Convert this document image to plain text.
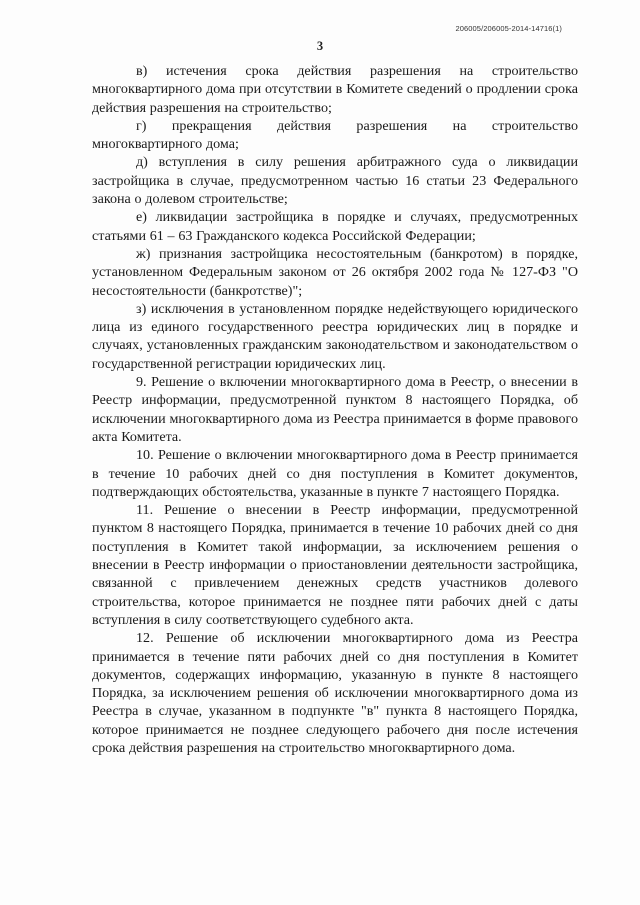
206005/206005-2014-14716(1)
3

в) истечения срока действия разрешения на строительство многоквартирного дома при отсутствии в Комитете сведений о продлении срока действия разрешения на строительство;

г) прекращения действия разрешения на строительство многоквартирного дома;

д) вступления в силу решения арбитражного суда о ликвидации застройщика в случае, предусмотренном частью 16 статьи 23 Федерального закона о долевом строительстве;

е) ликвидации застройщика в порядке и случаях, предусмотренных статьями 61 – 63 Гражданского кодекса Российской Федерации;

ж) признания застройщика несостоятельным (банкротом) в порядке, установленном Федеральным законом от 26 октября 2002 года № 127-ФЗ "О несостоятельности (банкротстве)";

з) исключения в установленном порядке недействующего юридического лица из единого государственного реестра юридических лиц в порядке и случаях, установленных гражданским законодательством и законодательством о государственной регистрации юридических лиц.

9. Решение о включении многоквартирного дома в Реестр, о внесении в Реестр информации, предусмотренной пунктом 8 настоящего Порядка, об исключении многоквартирного дома из Реестра принимается в форме правового акта Комитета.

10. Решение о включении многоквартирного дома в Реестр принимается в течение 10 рабочих дней со дня поступления в Комитет документов, подтверждающих обстоятельства, указанные в пункте 7 настоящего Порядка.

11. Решение о внесении в Реестр информации, предусмотренной пунктом 8 настоящего Порядка, принимается в течение 10 рабочих дней со дня поступления в Комитет такой информации, за исключением решения о внесении в Реестр информации о приостановлении деятельности застройщика, связанной с привлечением денежных средств участников долевого строительства, которое принимается не позднее пяти рабочих дней с даты вступления в силу соответствующего судебного акта.

12. Решение об исключении многоквартирного дома из Реестра принимается в течение пяти рабочих дней со дня поступления в Комитет документов, содержащих информацию, указанную в пункте 8 настоящего Порядка, за исключением решения об исключении многоквартирного дома из Реестра в случае, указанном в подпункте "в" пункта 8 настоящего Порядка, которое принимается не позднее следующего рабочего дня после истечения срока действия разрешения на строительство многоквартирного дома.
